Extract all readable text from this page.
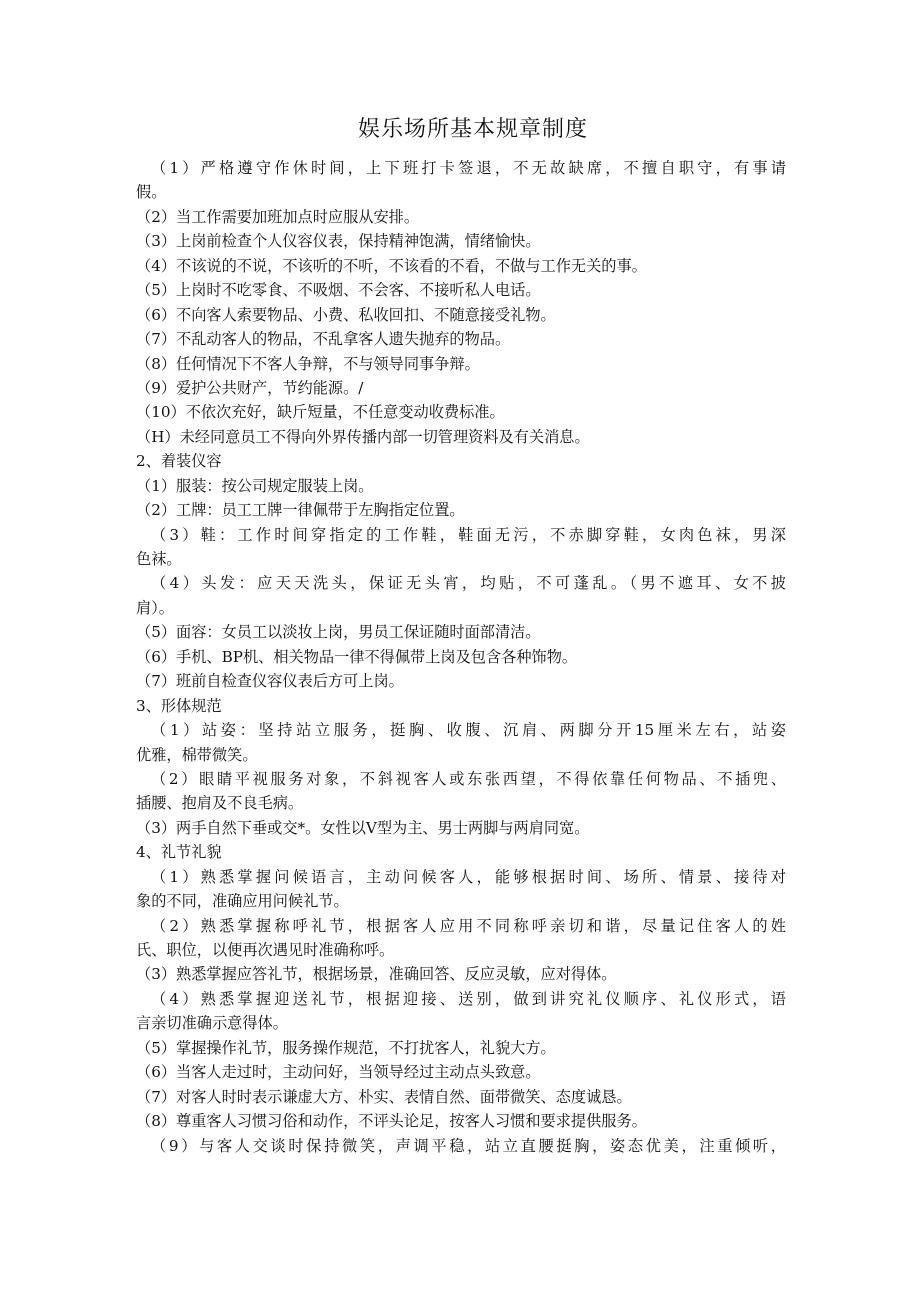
娱乐场所基本规章制度
（1）严格遵守作休时间，上下班打卡签退，不无故缺席，不擅自职守，有事请
假。
（2）当工作需要加班加点时应服从安排。
（3）上岗前检查个人仪容仪表，保持精神饱满，情绪愉快。
（4）不该说的不说，不该听的不听，不该看的不看，不做与工作无关的事。
（5）上岗时不吃零食、不吸烟、不会客、不接听私人电话。
（6）不向客人索要物品、小费、私收回扣、不随意接受礼物。
（7）不乱动客人的物品，不乱拿客人遗失抛弃的物品。
（8）任何情况下不客人争辩，不与领导同事争辩。
（9）爱护公共财产，节约能源。/
（10）不依次充好，缺斤短量，不任意变动收费标准。
（H）未经同意员工不得向外界传播内部一切管理资料及有关消息。
2、着装仪容
（1）服装：按公司规定服装上岗。
（2）工牌：员工工牌一律佩带于左胸指定位置。
（3）鞋：工作时间穿指定的工作鞋，鞋面无污，不赤脚穿鞋，女肉色袜，男深
色袜。
（4）头发：应天天洗头，保证无头宵，均贴，不可蓬乱。（男不遮耳、女不披
肩）。
（5）面容：女员工以淡妆上岗，男员工保证随时面部清洁。
（6）手机、BP机、相关物品一律不得佩带上岗及包含各种饰物。
（7）班前自检查仪容仪表后方可上岗。
3、形体规范
（1）站姿：坚持站立服务，挺胸、收腹、沉肩、两脚分开15厘米左右，站姿
优雅，棉带微笑。
（2）眼睛平视服务对象，不斜视客人或东张西望，不得依靠任何物品、不插兜、
插腰、抱肩及不良毛病。
（3）两手自然下垂或交*。女性以V型为主、男士两脚与两肩同宽。
4、礼节礼貌
（1）熟悉掌握问候语言，主动问候客人，能够根据时间、场所、情景、接待对
象的不同，准确应用问候礼节。
（2）熟悉掌握称呼礼节，根据客人应用不同称呼亲切和谐，尽量记住客人的姓
氏、职位，以便再次遇见时准确称呼。
（3）熟悉掌握应答礼节，根据场景，准确回答、反应灵敏，应对得体。
（4）熟悉掌握迎送礼节，根据迎接、送别，做到讲究礼仪顺序、礼仪形式，语
言亲切准确示意得体。
（5）掌握操作礼节，服务操作规范，不打扰客人，礼貌大方。
（6）当客人走过时，主动问好，当领导经过主动点头致意。
（7）对客人时时表示谦虚大方、朴实、表情自然、面带微笑、态度诚恳。
（8）尊重客人习惯习俗和动作，不评头论足，按客人习惯和要求提供服务。
（9）与客人交谈时保持微笑，声调平稳，站立直腰挺胸，姿态优美，注重倾听，
